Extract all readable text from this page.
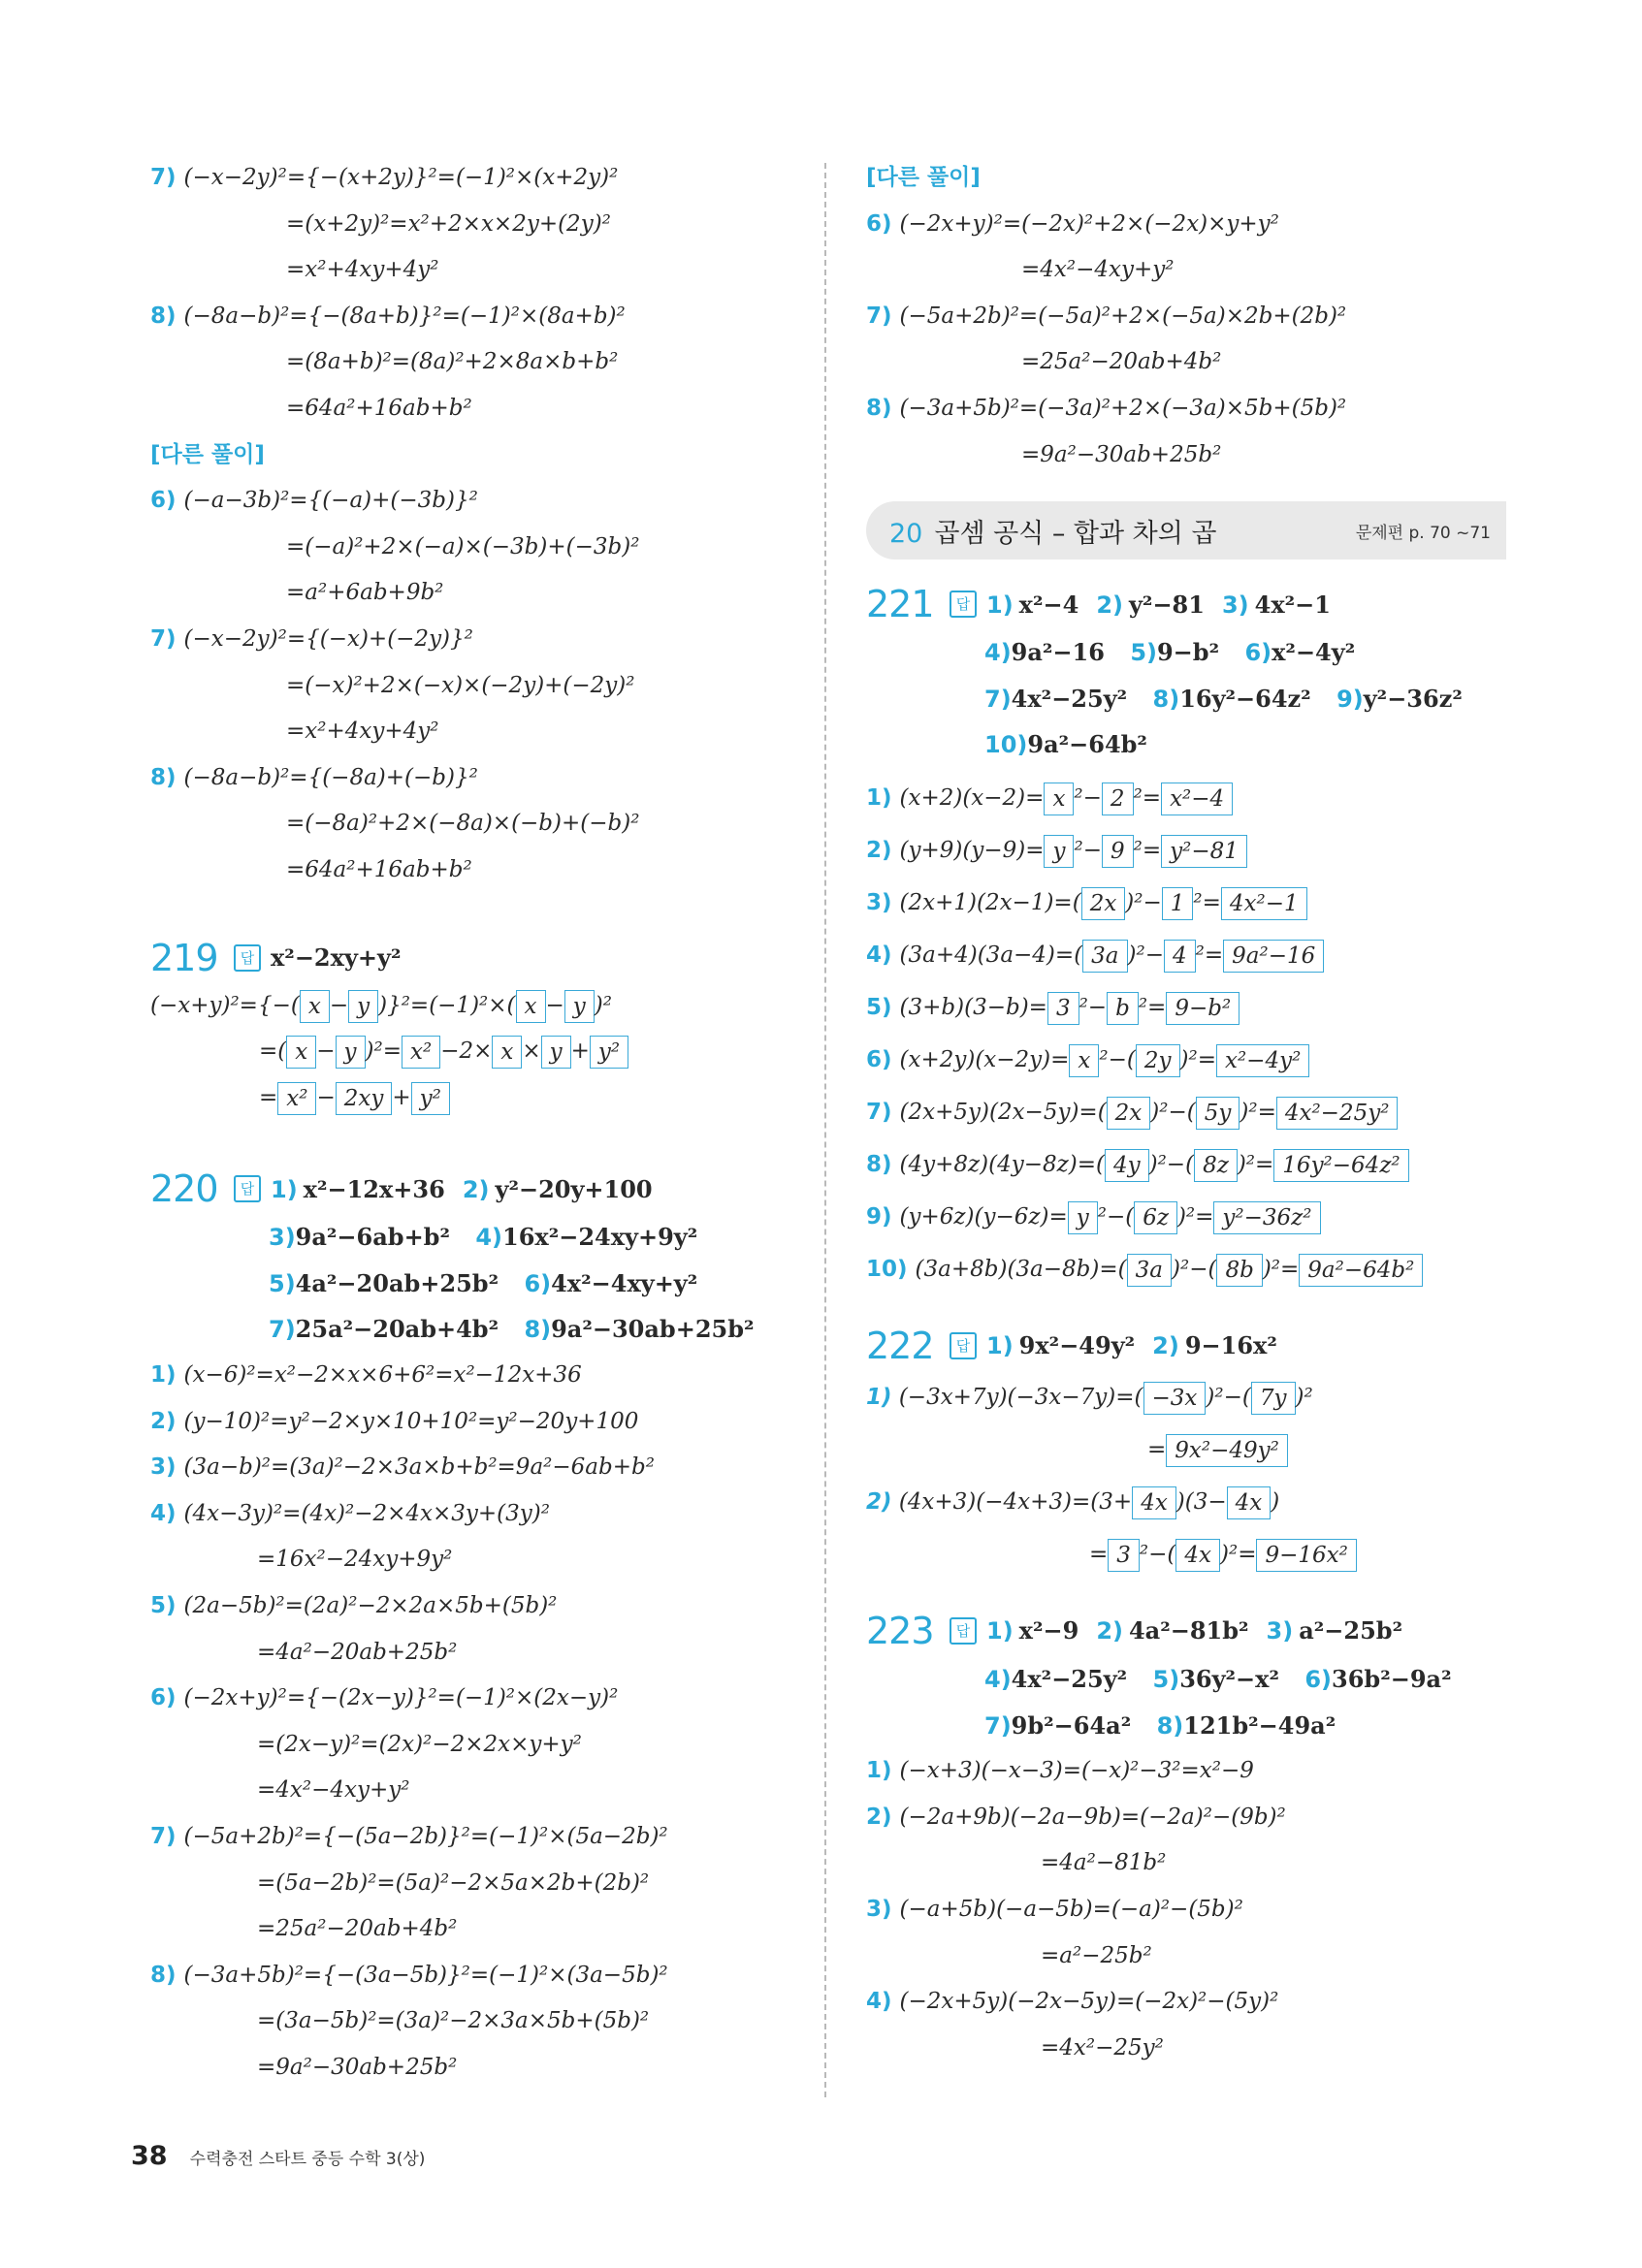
7) (−x−2y)²={−(x+2y)}²=(−1)²×(x+2y)²
=(x+2y)²=x²+2×x×2y+(2y)²
=x²+4xy+4y²
8) (−8a−b)²={−(8a+b)}²=(−1)²×(8a+b)²
=(8a+b)²=(8a)²+2×8a×b+b²
=64a²+16ab+b²
[다른 풀이]
6) (−a−3b)²={(−a)+(−3b)}²
=(−a)²+2×(−a)×(−3b)+(−3b)²
=a²+6ab+9b²
7) (−x−2y)²={(−x)+(−2y)}²
=(−x)²+2×(−x)×(−2y)+(−2y)²
=x²+4xy+4y²
8) (−8a−b)²={(−8a)+(−b)}²
=(−8a)²+2×(−8a)×(−b)+(−b)²
=64a²+16ab+b²
219	답 x²−2xy+y²
(−x+y)²={−( x − y )}²=(−1)²×( x − y )²
=( x − y )²= x² −2× x × y + y²
= x² − 2xy + y²
220	답 1) x²−12x+36 2) y²−20y+100
3)9a²−6ab+b² 4)16x²−24xy+9y²
5)4a²−20ab+25b² 6)4x²−4xy+y²
7)25a²−20ab+4b² 8)9a²−30ab+25b²
1) (x−6)²=x²−2×x×6+6²=x²−12x+36
2) (y−10)²=y²−2×y×10+10²=y²−20y+100
3) (3a−b)²=(3a)²−2×3a×b+b²=9a²−6ab+b²
4) (4x−3y)²=(4x)²−2×4x×3y+(3y)²
=16x²−24xy+9y²
5) (2a−5b)²=(2a)²−2×2a×5b+(5b)²
=4a²−20ab+25b²
6) (−2x+y)²={−(2x−y)}²=(−1)²×(2x−y)²
=(2x−y)²=(2x)²−2×2x×y+y²
=4x²−4xy+y²
7) (−5a+2b)²={−(5a−2b)}²=(−1)²×(5a−2b)²
=(5a−2b)²=(5a)²−2×5a×2b+(2b)²
=25a²−20ab+4b²
8) (−3a+5b)²={−(3a−5b)}²=(−1)²×(3a−5b)²
=(3a−5b)²=(3a)²−2×3a×5b+(5b)²
=9a²−30ab+25b²
[다른 풀이]
6) (−2x+y)²=(−2x)²+2×(−2x)×y+y²
=4x²−4xy+y²
7) (−5a+2b)²=(−5a)²+2×(−5a)×2b+(2b)²
=25a²−20ab+4b²
8) (−3a+5b)²=(−3a)²+2×(−3a)×5b+(5b)²
=9a²−30ab+25b²
20 곱셈 공식 – 합과 차의 곱	문제편 p. 70 ~71
221	답 1) x²−4 2) y²−81 3) 4x²−1
4)9a²−16 5)9−b² 6)x²−4y²
7)4x²−25y² 8)16y²−64z² 9)y²−36z²
10)9a²−64b²
1) (x+2)(x−2)= x ²− 2 ²= x²−4
2) (y+9)(y−9)= y ²− 9 ²= y²−81
3) (2x+1)(2x−1)=( 2x )²− 1 ²= 4x²−1
4) (3a+4)(3a−4)=( 3a )²− 4 ²= 9a²−16
5) (3+b)(3−b)= 3 ²− b ²= 9−b²
6) (x+2y)(x−2y)= x ²−( 2y )²= x²−4y²
7) (2x+5y)(2x−5y)=( 2x )²−( 5y )²= 4x²−25y²
8) (4y+8z)(4y−8z)=( 4y )²−( 8z )²= 16y²−64z²
9) (y+6z)(y−6z)= y ²−( 6z )²= y²−36z²
10) (3a+8b)(3a−8b)=( 3a )²−( 8b )²= 9a²−64b²
222	답 1) 9x²−49y² 2) 9−16x²
1) (−3x+7y)(−3x−7y)=( −3x )²−( 7y )²
= 9x²−49y²
2) (4x+3)(−4x+3)=(3+ 4x )(3− 4x )
= 3 ²−( 4x )²= 9−16x²
223	답 1) x²−9 2) 4a²−81b² 3) a²−25b²
4)4x²−25y² 5)36y²−x² 6)36b²−9a²
7)9b²−64a² 8)121b²−49a²
1) (−x+3)(−x−3)=(−x)²−3²=x²−9
2) (−2a+9b)(−2a−9b)=(−2a)²−(9b)²
=4a²−81b²
3) (−a+5b)(−a−5b)=(−a)²−(5b)²
=a²−25b²
4) (−2x+5y)(−2x−5y)=(−2x)²−(5y)²
=4x²−25y²
38 수력충전 스타트 중등 수학 3(상)
